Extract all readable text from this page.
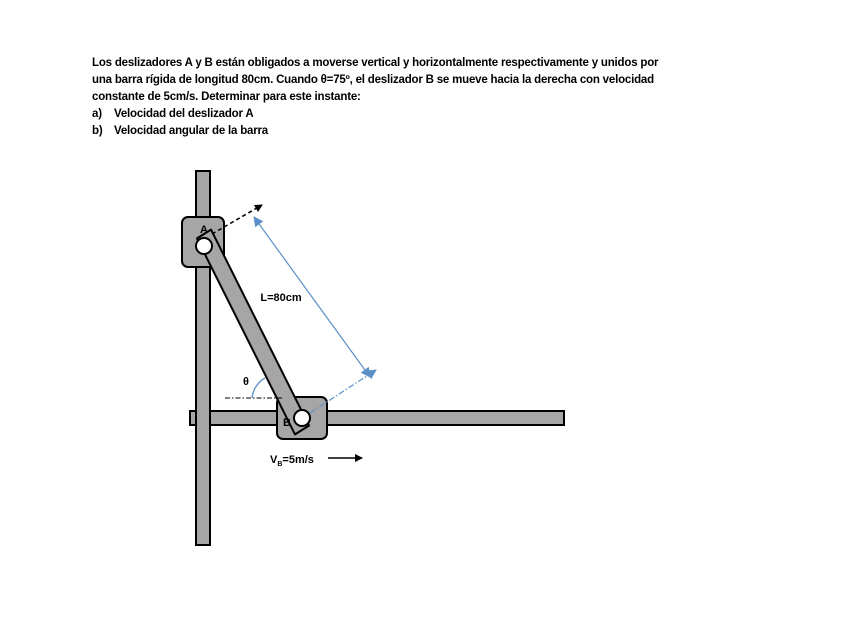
Los deslizadores A y B están obligados a moverse vertical y horizontalmente respectivamente y unidos por
una barra rígida de longitud 80cm. Cuando θ=75º, el deslizador B se mueve hacia la derecha con velocidad
constante de 5cm/s. Determinar para este instante:
a)	Velocidad del deslizador A
b)	Velocidad angular de la barra
A
B
L=80cm
θ
$V_B=5m/s$
